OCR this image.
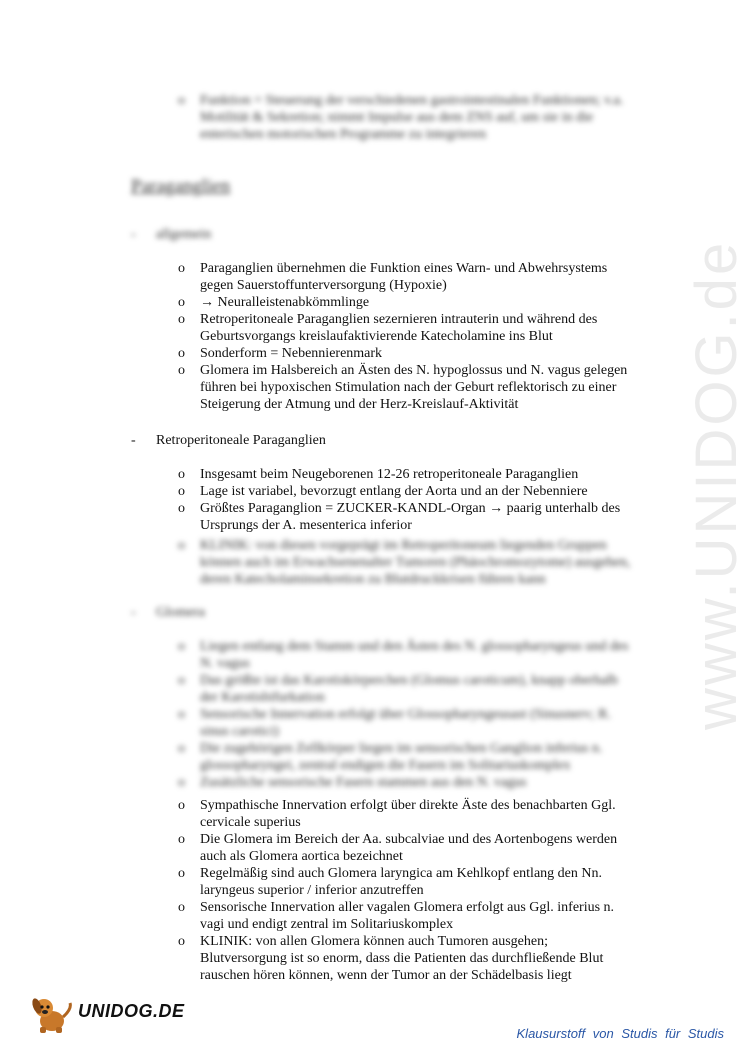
www.UNIDOG.de
o	Funktion = Steuerung der verschiedenen gastrointestinalen Funktionen; v.a. Motilität & Sekretion; nimmt Impulse aus dem ZNS auf, um sie in die enterischen motorischen Programme zu integrieren
Paraganglien
- allgemein
o	Paraganglien übernehmen die Funktion eines Warn- und Abwehrsystems gegen Sauerstoffunterversorgung (Hypoxie)
o	→ Neuralleistenabkömmlinge
o	Retroperitoneale Paraganglien sezernieren intrauterin und während des Geburtsvorgangs kreislaufaktivierende Katecholamine ins Blut
o	Sonderform = Nebennierenmark
o	Glomera im Halsbereich an Ästen des N. hypoglossus und N. vagus gelegen führen bei hypoxischen Stimulation nach der Geburt reflektorisch zu einer Steigerung der Atmung und der Herz-Kreislauf-Aktivität
- Retroperitoneale Paraganglien
o	Insgesamt beim Neugeborenen 12-26 retroperitoneale Paraganglien
o	Lage ist variabel, bevorzugt entlang der Aorta und an der Nebenniere
o	Größtes Paraganglion = ZUCKER-KANDL-Organ → paarig unterhalb des Ursprungs der A. mesenterica inferior
o	KLINIK: von diesen vorgeprägt im Retroperitoneum liegenden Gruppen können auch im Erwachsenenalter Tumoren (Phäochromozytome) ausgehen, deren Katecholaminsekretion zu Blutdruckkrisen führen kann
- Glomera
o	Liegen entlang dem Stamm und den Ästen des N. glossopharyngeus und des N. vagus
o	Das größte ist das Karotiskörperchen (Glomus caroticum), knapp oberhalb der Karotisbifurkation
o	Sensorische Innervation erfolgt über Glossopharyngeusast (Sinusnerv; R. sinus carotici)
o	Die zugehörigen Zellkörper liegen im sensorischen Ganglion inferius n. glossopharyngei, zentral endigen die Fasern im Solitariuskomplex
o	Zusätzliche sensorische Fasern stammen aus den N. vagus
o	Sympathische Innervation erfolgt über direkte Äste des benachbarten Ggl. cervicale superius
o	Die Glomera im Bereich der Aa. subcalviae und des Aortenbogens werden auch als Glomera aortica bezeichnet
o	Regelmäßig sind auch Glomera laryngica am Kehlkopf entlang den Nn. laryngeus superior / inferior anzutreffen
o	Sensorische Innervation aller vagalen Glomera erfolgt aus Ggl. inferius n. vagi und endigt zentral im Solitariuskomplex
o	KLINIK: von allen Glomera können auch Tumoren ausgehen; Blutversorgung ist so enorm, dass die Patienten das durchfließende Blut rauschen hören können, wenn der Tumor an der Schädelbasis liegt
UNIDOG.DE
Klausurstoff von Studis für Studis
